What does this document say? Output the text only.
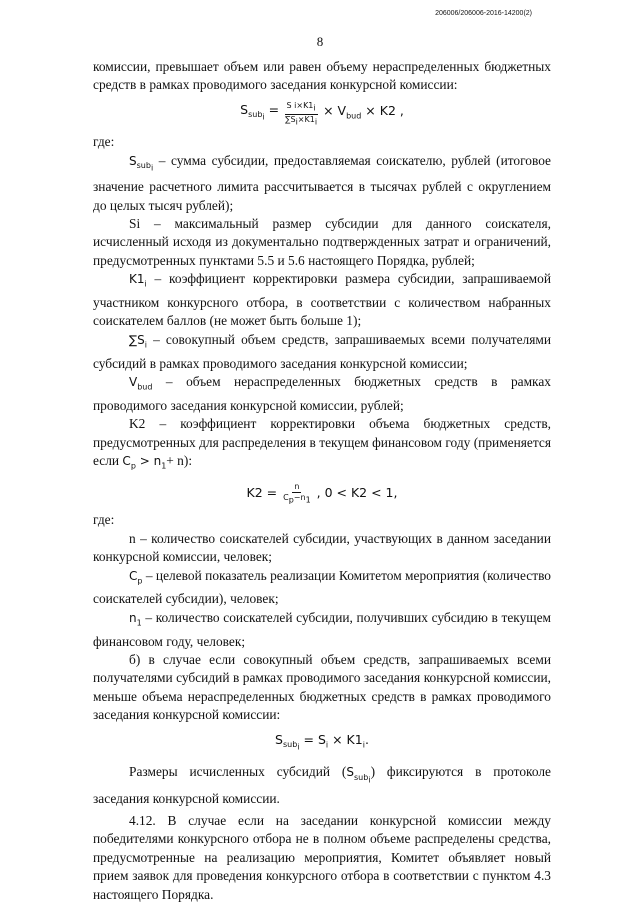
206006/206006-2016-14200(2)
8

комиссии, превышает объем или равен объему нераспределенных бюджетных средств в рамках проводимого заседания конкурсной комиссии:

$S_{sub_i} = \frac{S i\times K1_i}{\sum S_i\times K1_i} \times V_{bud} \times K2$ ,

где:

$S_{sub_i}$ – сумма субсидии, предоставляемая соискателю, рублей (итоговое значение расчетного лимита рассчитывается в тысячах рублей с округлением до целых тысяч рублей);

Si – максимальный размер субсидии для данного соискателя, исчисленный исходя из документально подтвержденных затрат и ограничений, предусмотренных пунктами 5.5 и 5.6 настоящего Порядка, рублей;

$K1_i$ – коэффициент корректировки размера субсидии, запрашиваемой участником конкурсного отбора, в соответствии с количеством набранных соискателем баллов (не может быть больше 1);

$\sum S_i$ – совокупный объем средств, запрашиваемых всеми получателями субсидий в рамках проводимого заседания конкурсной комиссии;

$V_{bud}$ – объем нераспределенных бюджетных средств в рамках проводимого заседания конкурсной комиссии, рублей;

K2 – коэффициент корректировки объема бюджетных средств, предусмотренных для распределения в текущем финансовом году (применяется если $C_p > n_1+ n$):

$K2 = \frac{n}{C_p-n_1}$ , 0 < K2 < 1,

где:

n – количество соискателей субсидии, участвующих в данном заседании конкурсной комиссии, человек;

$C_p$ – целевой показатель реализации Комитетом мероприятия (количество соискателей субсидии), человек;

$n_1$ – количество соискателей субсидии, получивших субсидию в текущем финансовом году, человек;

б) в случае если совокупный объем средств, запрашиваемых всеми получателями субсидий в рамках проводимого заседания конкурсной комиссии, меньше объема нераспределенных бюджетных средств в рамках проводимого заседания конкурсной комиссии:

$S_{sub_i} = S_i \times K1_i$.

Размеры исчисленных субсидий $(S_{sub_i})$ фиксируются в протоколе заседания конкурсной комиссии.

4.12. В случае если на заседании конкурсной комиссии между победителями конкурсного отбора не в полном объеме распределены средства, предусмотренные на реализацию мероприятия, Комитет объявляет новый прием заявок для проведения конкурсного отбора в соответствии с пунктом 4.3 настоящего Порядка.
